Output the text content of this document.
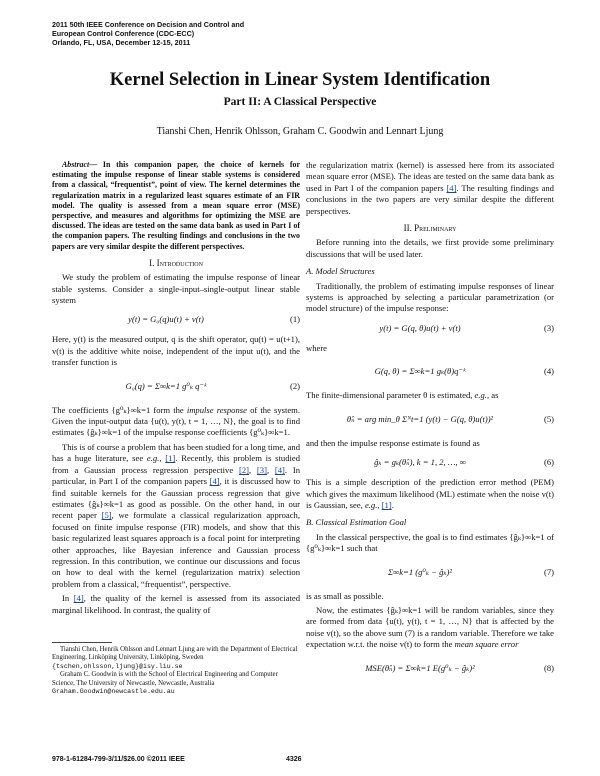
2011 50th IEEE Conference on Decision and Control and
European Control Conference (CDC-ECC)
Orlando, FL, USA, December 12-15, 2011
Kernel Selection in Linear System Identification
Part II: A Classical Perspective
Tianshi Chen, Henrik Ohlsson, Graham C. Goodwin and Lennart Ljung

Abstract— In this companion paper, the choice of kernels for estimating the impulse response of linear stable systems is considered from a classical, “frequentist”, point of view. The kernel determines the regularization matrix in a regularized least squares estimate of an FIR model. The quality is assessed from a mean square error (MSE) perspective, and measures and algorithms for optimizing the MSE are discussed. The ideas are tested on the same data bank as used in Part I of the companion papers. The resulting findings and conclusions in the two papers are very similar despite the different perspectives.

I. Introduction

We study the problem of estimating the impulse response of linear stable systems. Consider a single-input–single-output linear stable system

y(t) = G₀(q)u(t) + v(t)	(1)

Here, y(t) is the measured output, q is the shift operator, qu(t) = u(t+1), v(t) is the additive white noise, independent of the input u(t), and the transfer function is

G₀(q) = Σ∞k=1 g⁰ₖ q⁻ᵏ	(2)

The coefficients {g⁰ₖ}∞k=1 form the impulse response of the system. Given the input-output data {u(t), y(t), t = 1, …, N}, the goal is to find estimates {ĝₖ}∞k=1 of the impulse response coefficients {g⁰ₖ}∞k=1.

This is of course a problem that has been studied for a long time, and has a huge literature, see e.g., [1]. Recently, this problem is studied from a Gaussian process regression perspective [2], [3], [4]. In particular, in Part I of the companion papers [4], it is discussed how to find suitable kernels for the Gaussian process regression that give estimates {ĝₖ}∞k=1 as good as possible. On the other hand, in our recent paper [5], we formulate a classical regularization approach, focused on finite impulse response (FIR) models, and show that this basic regularized least squares approach is a focal point for interpreting other approaches, like Bayesian inference and Gaussian process regression. In this contribution, we continue our discussions and focus on how to deal with the kernel (regularization matrix) selection problem from a classical, “frequentist”, perspective.

In [4], the quality of the kernel is assessed from its associated marginal likelihood. In contrast, the quality of

Tianshi Chen, Henrik Ohlsson and Lennart Ljung are with the Department of Electrical Engineering, Linköping University, Linköping, Sweden

{tschen,ohlsson,ljung}@isy.liu.se

Graham C. Goodwin is with the School of Electrical Engineering and Computer Science, The University of Newcastle, Newcastle, Australia

Graham.Goodwin@newcastle.edu.au

the regularization matrix (kernel) is assessed here from its associated mean square error (MSE). The ideas are tested on the same data bank as used in Part I of the companion papers [4]. The resulting findings and conclusions in the two papers are very similar despite the different perspectives.

II. Preliminary

Before running into the details, we first provide some preliminary discussions that will be used later.

A. Model Structures

Traditionally, the problem of estimating impulse responses of linear systems is approached by selecting a particular parametrization (or model structure) of the impulse response:

y(t) = G(q, θ)u(t) + v(t)	(3)

where

G(q, θ) = Σ∞k=1 gₖ(θ)q⁻ᵏ	(4)

The finite-dimensional parameter θ is estimated, e.g., as

θ̂ₙ = arg min_θ Σᴺt=1 (y(t) − G(q, θ)u(t))²	(5)

and then the impulse response estimate is found as

ĝₖ = gₖ(θ̂ₙ), k = 1, 2, …, ∞	(6)

This is a simple description of the prediction error method (PEM) which gives the maximum likelihood (ML) estimate when the noise v(t) is Gaussian, see, e.g., [1].

B. Classical Estimation Goal

In the classical perspective, the goal is to find estimates {ĝₖ}∞k=1 of {g⁰ₖ}∞k=1 such that

Σ∞k=1 (g⁰ₖ − ĝₖ)²	(7)

is as small as possible.

Now, the estimates {ĝₖ}∞k=1 will be random variables, since they are formed from data {u(t), y(t), t = 1, …, N} that is affected by the noise v(t), so the above sum (7) is a random variable. Therefore we take expectation w.r.t. the noise v(t) to form the mean square error

MSE(θ̂ₙ) = Σ∞k=1 E(g⁰ₖ − ĝₖ)²	(8)
978-1-61284-799-3/11/$26.00 ©2011 IEEE	4326
